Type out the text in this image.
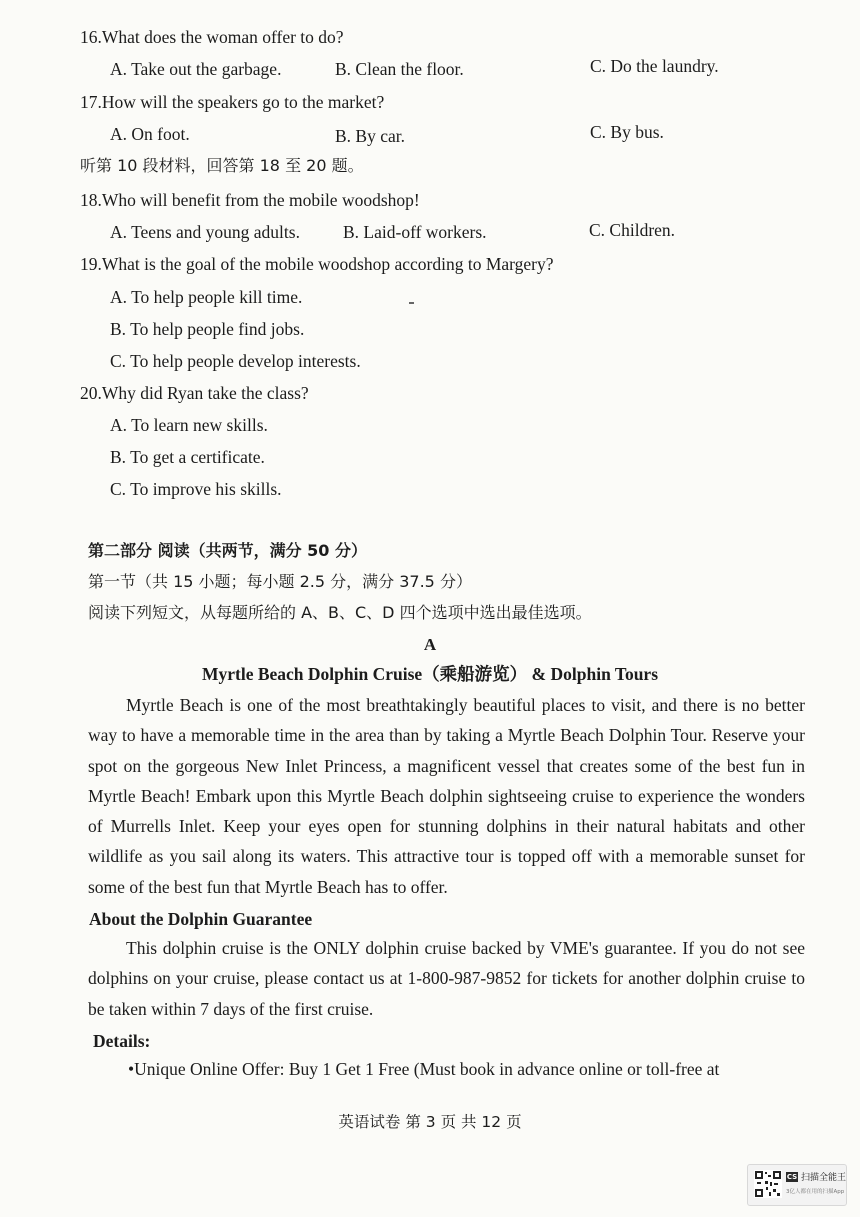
16.What does the woman offer to do?
A. Take out the garbage.	B. Clean the floor.	C. Do the laundry.
17.How will the speakers go to the market?
A. On foot.	B. By car.	C. By bus.
听第 10 段材料，回答第 18 至 20 题。
18.Who will benefit from the mobile woodshop!
A. Teens and young adults. B. Laid-off workers.	C. Children.
19.What is the goal of the mobile woodshop according to Margery?
A. To help people kill time.
B. To help people find jobs.
C. To help people develop interests.
20.Why did Ryan take the class?
A. To learn new skills.
B. To get a certificate.
C. To improve his skills.
第二部分 阅读（共两节，满分 50 分）
第一节（共 15 小题；每小题 2.5 分，满分 37.5 分）
阅读下列短文，从每题所给的 A、B、C、D 四个选项中选出最佳选项。
A
Myrtle Beach Dolphin Cruise（乘船游览） & Dolphin Tours
Myrtle Beach is one of the most breathtakingly beautiful places to visit, and there is no better way to have a memorable time in the area than by taking a Myrtle Beach Dolphin Tour. Reserve your spot on the gorgeous New Inlet Princess, a magnificent vessel that creates some of the best fun in Myrtle Beach! Embark upon this Myrtle Beach dolphin sightseeing cruise to experience the wonders of Murrells Inlet. Keep your eyes open for stunning dolphins in their natural habitats and other wildlife as you sail along its waters. This attractive tour is topped off with a memorable sunset for some of the best fun that Myrtle Beach has to offer.
About the Dolphin Guarantee
This dolphin cruise is the ONLY dolphin cruise backed by VME's guarantee. If you do not see dolphins on your cruise, please contact us at 1-800-987-9852 for tickets for another dolphin cruise to be taken within 7 days of the first cruise.
Details:
•Unique Online Offer: Buy 1 Get 1 Free (Must book in advance online or toll-free at
英语试卷 第 3 页 共 12 页
CS 扫描全能王
3亿人都在用的扫描App
